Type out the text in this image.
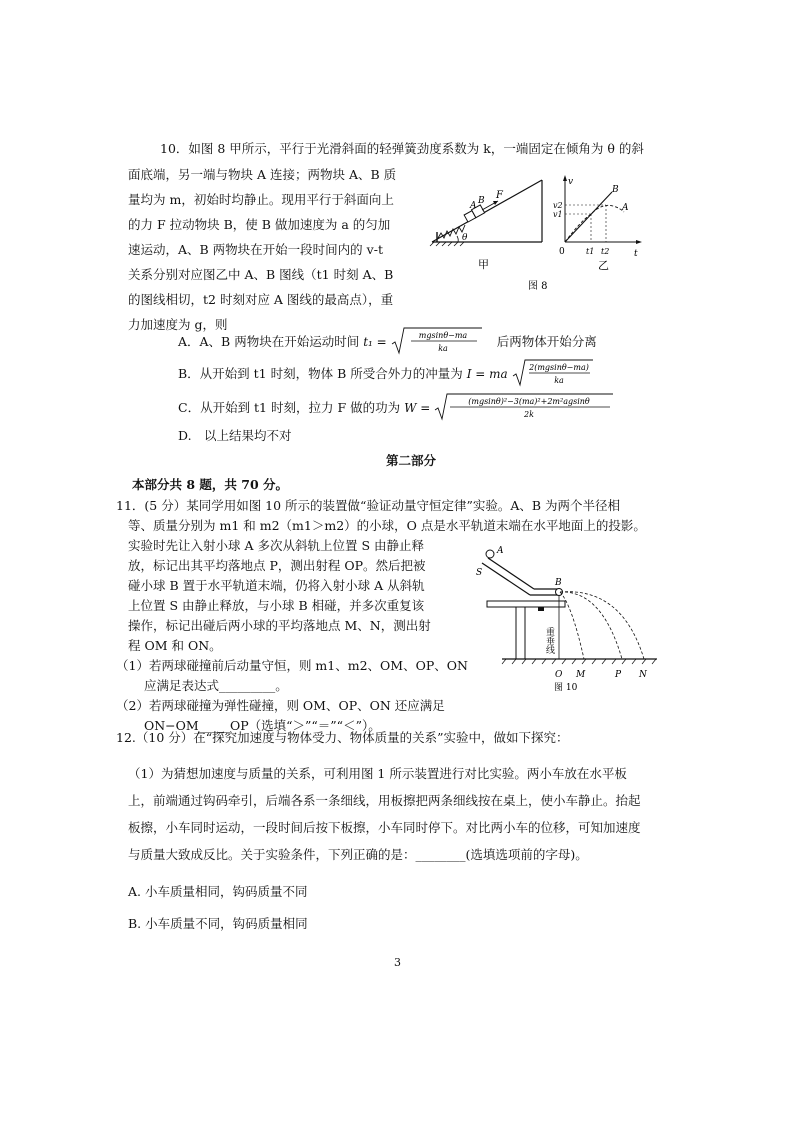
10．如图 8 甲所示，平行于光滑斜面的轻弹簧劲度系数为 k，一端固定在倾角为 θ 的斜
面底端，另一端与物块 A 连接；两物块 A、B 质
量均为 m，初始时均静止。现用平行于斜面向上
的力 F 拉动物块 B，使 B 做加速度为 a 的匀加
速运动，A、B 两物块在开始一段时间内的 v-t
关系分别对应图乙中 A、B 图线（t1 时刻 A、B
的图线相切，t2 时刻对应 A 图线的最高点），重
力加速度为 g，则
F
A B
θ
甲
v
t
0
B
A
v2
v1
t1 t2
乙
图 8
A．A、B 两物块在开始运动时间 t₁ =	mgsinθ−ma
ka	后两物体开始分离
B．从开始到 t1 时刻，物体 B 所受合外力的冲量为 I = ma	2(mgsinθ−ma)
ka
C．从开始到 t1 时刻，拉力 F 做的功为 W =	(mgsinθ)²−3(ma)²+2m²agsinθ
2k
D.　以上结果均不对
第二部分
本部分共 8 题，共 70 分。
11．(5 分）某同学用如图 10 所示的装置做“验证动量守恒定律”实验。A、B 为两个半径相
等、质量分别为 m1 和 m2（m1＞m2）的小球，O 点是水平轨道末端在水平地面上的投影。
实验时先让入射小球 A 多次从斜轨上位置 S 由静止释
放，标记出其平均落地点 P，测出射程 OP。然后把被
碰小球 B 置于水平轨道末端，仍将入射小球 A 从斜轨
上位置 S 由静止释放，与小球 B 相碰，并多次重复该
操作，标记出碰后两小球的平均落地点 M、N，测出射
程 OM 和 ON。
（1）若两球碰撞前后动量守恒，则 m1、m2、OM、OP、ON
应满足表达式_________。
（2）若两球碰撞为弹性碰撞，则 OM、OP、ON 还应满足
ON−OM_____OP（选填“＞”“＝”“＜”）。
A
S
B
重垂线
O M	P N
图 10
12.（10 分）在“探究加速度与物体受力、物体质量的关系”实验中，做如下探究：
（1）为猜想加速度与质量的关系，可利用图 1 所示装置进行对比实验。两小车放在水平板
上，前端通过钩码牵引，后端各系一条细线，用板擦把两条细线按在桌上，使小车静止。抬起
板擦，小车同时运动，一段时间后按下板擦，小车同时停下。对比两小车的位移，可知加速度
与质量大致成反比。关于实验条件，下列正确的是：________(选填选项前的字母)。
A. 小车质量相同，钩码质量不同
B. 小车质量不同，钩码质量相同
3
